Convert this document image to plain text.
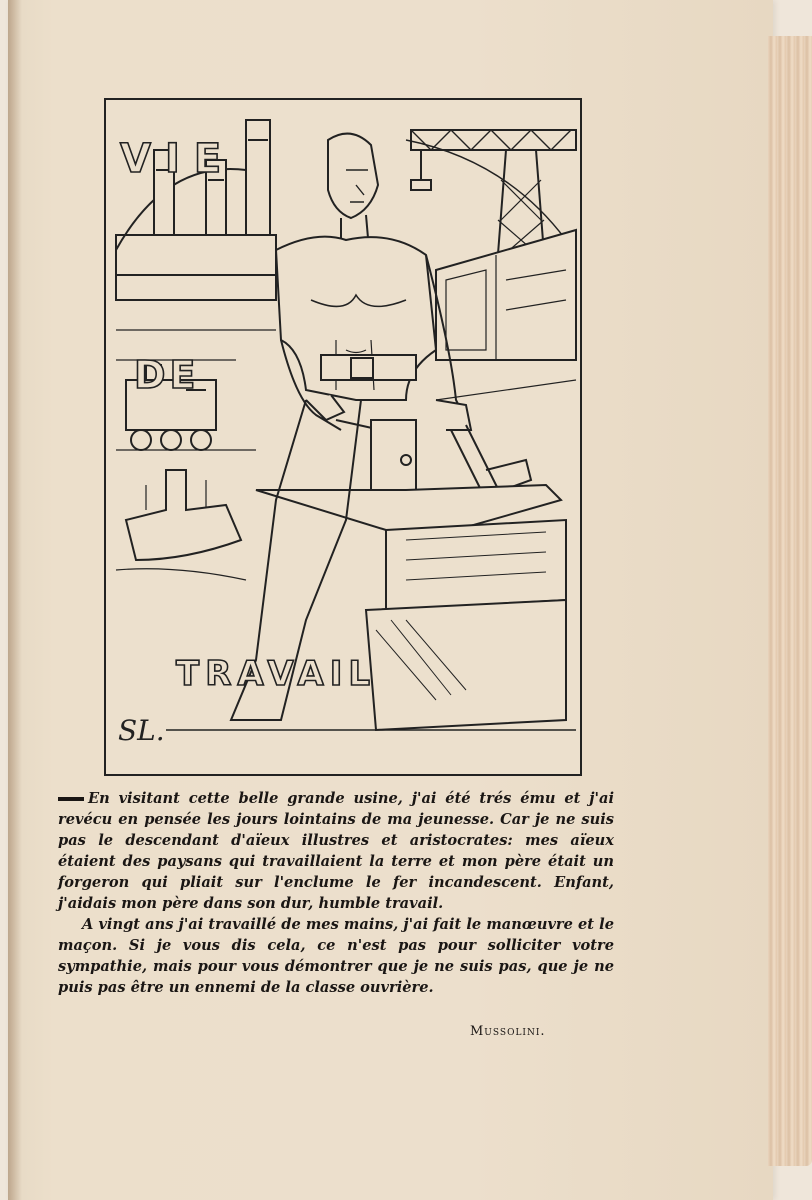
VIE
DE
TRAVAIL
SL.

En visitant cette belle grande usine, j'ai été trés ému et j'ai revécu en pensée les jours lointains de ma jeunesse. Car je ne suis pas le descendant d'aïeux illustres et aristocrates: mes aïeux étaient des paysans qui travaillaient la terre et mon père était un forgeron qui pliait sur l'enclume le fer incandescent. Enfant, j'aidais mon père dans son dur, humble travail.

A vingt ans j'ai travaillé de mes mains, j'ai fait le manœuvre et le maçon. Si je vous dis cela, ce n'est pas pour solliciter votre sympathie, mais pour vous démontrer que je ne suis pas, que je ne puis pas être un ennemi de la classe ouvrière.

Mussolini.
